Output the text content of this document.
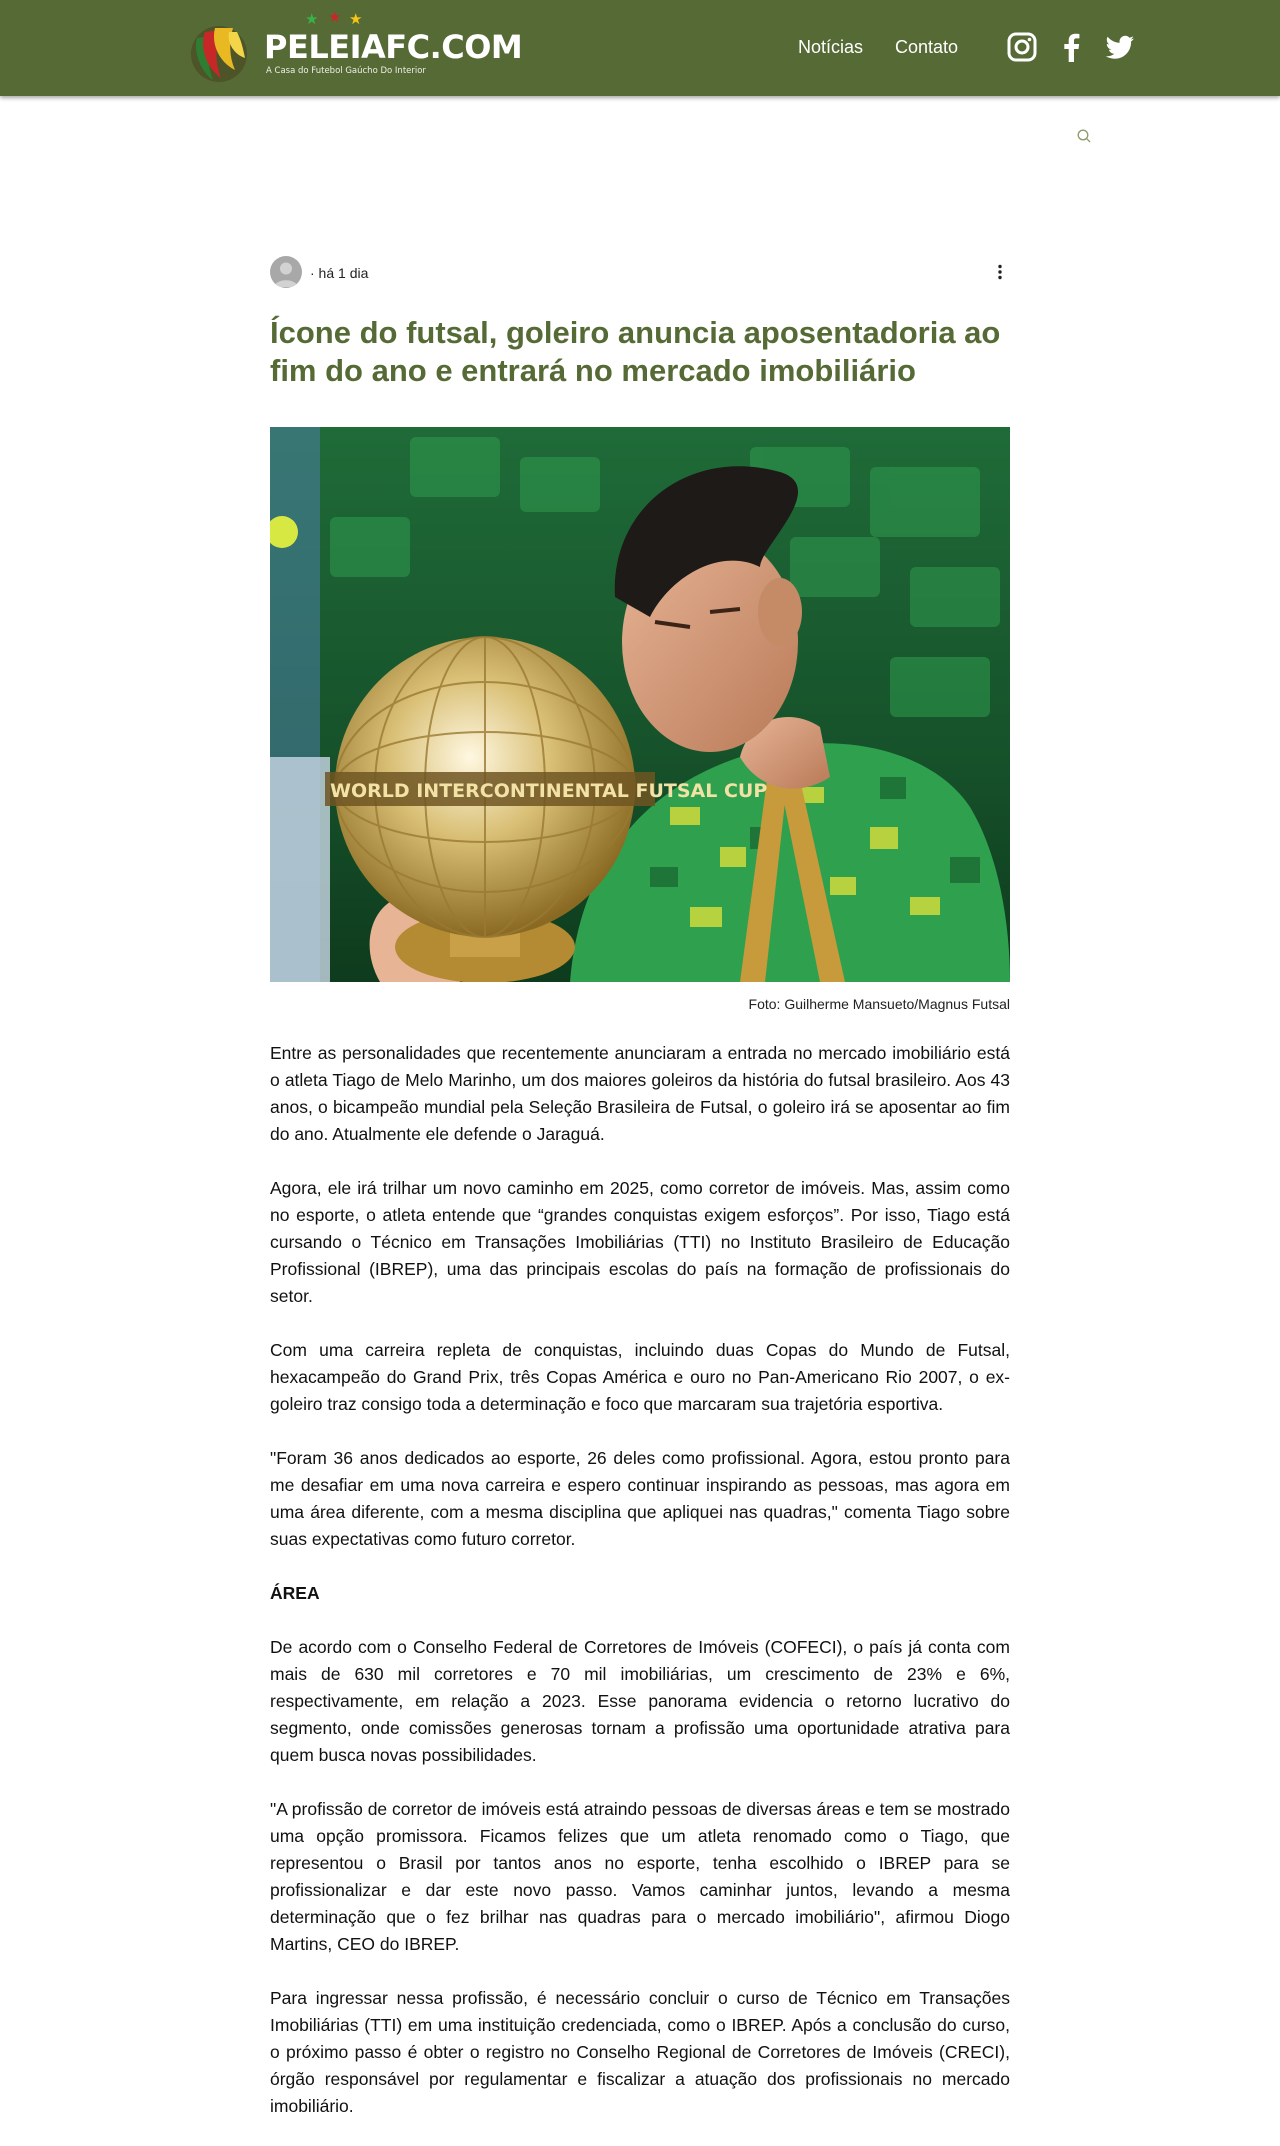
★ ★ ★
PELEIAFC.COM
A Casa do Futebol Gaúcho Do Interior
Notícias Contato
· há 1 dia
Ícone do futsal, goleiro anuncia aposentadoria ao fim do ano e entrará no mercado imobiliário
WORLD INTERCONTINENTAL FUTSAL CUP
Foto: Guilherme Mansueto/Magnus Futsal

Entre as personalidades que recentemente anunciaram a entrada no mercado imobiliário está o atleta Tiago de Melo Marinho, um dos maiores goleiros da história do futsal brasileiro. Aos 43 anos, o bicampeão mundial pela Seleção Brasileira de Futsal, o goleiro irá se aposentar ao fim do ano. Atualmente ele defende o Jaraguá.

Agora, ele irá trilhar um novo caminho em 2025, como corretor de imóveis. Mas, assim como no esporte, o atleta entende que “grandes conquistas exigem esforços”. Por isso, Tiago está cursando o Técnico em Transações Imobiliárias (TTI) no Instituto Brasileiro de Educação Profissional (IBREP), uma das principais escolas do país na formação de profissionais do setor.

Com uma carreira repleta de conquistas, incluindo duas Copas do Mundo de Futsal, hexacampeão do Grand Prix, três Copas América e ouro no Pan-Americano Rio 2007, o ex-goleiro traz consigo toda a determinação e foco que marcaram sua trajetória esportiva.

"Foram 36 anos dedicados ao esporte, 26 deles como profissional. Agora, estou pronto para me desafiar em uma nova carreira e espero continuar inspirando as pessoas, mas agora em uma área diferente, com a mesma disciplina que apliquei nas quadras," comenta Tiago sobre suas expectativas como futuro corretor.

ÁREA

De acordo com o Conselho Federal de Corretores de Imóveis (COFECI), o país já conta com mais de 630 mil corretores e 70 mil imobiliárias, um crescimento de 23% e 6%, respectivamente, em relação a 2023. Esse panorama evidencia o retorno lucrativo do segmento, onde comissões generosas tornam a profissão uma oportunidade atrativa para quem busca novas possibilidades.

"A profissão de corretor de imóveis está atraindo pessoas de diversas áreas e tem se mostrado uma opção promissora. Ficamos felizes que um atleta renomado como o Tiago, que representou o Brasil por tantos anos no esporte, tenha escolhido o IBREP para se profissionalizar e dar este novo passo. Vamos caminhar juntos, levando a mesma determinação que o fez brilhar nas quadras para o mercado imobiliário", afirmou Diogo Martins, CEO do IBREP.

Para ingressar nessa profissão, é necessário concluir o curso de Técnico em Transações Imobiliárias (TTI) em uma instituição credenciada, como o IBREP. Após a conclusão do curso, o próximo passo é obter o registro no Conselho Regional de Corretores de Imóveis (CRECI), órgão responsável por regulamentar e fiscalizar a atuação dos profissionais no mercado imobiliário.
